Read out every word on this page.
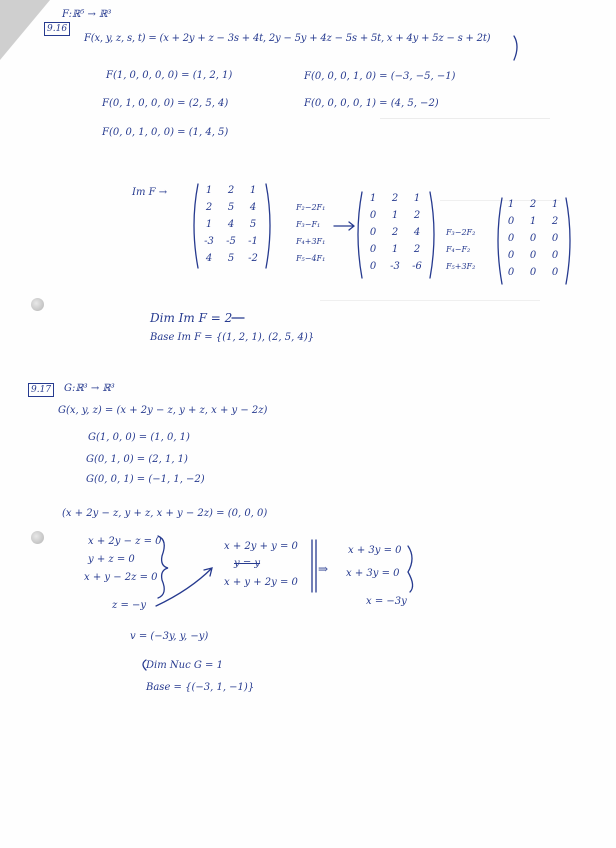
9.16
F:ℝ⁵ → ℝ³
F(x, y, z, s, t) = (x + 2y + z − 3s + 4t, 2y − 5y + 4z − 5s + 5t, x + 4y + 5z − s + 2t)
F(1, 0, 0, 0, 0) = (1, 2, 1)
F(0, 1, 0, 0, 0) = (2, 5, 4)
F(0, 0, 1, 0, 0) = (1, 4, 5)
F(0, 0, 0, 1, 0) = (−3, −5, −1)
F(0, 0, 0, 0, 1) = (4, 5, −2)
Im F →	1	2	1
2	5	4
1	4	5
-3	-5	-1
4	5	-2

F₂−2F₁
F₃−F₁
F₄+3F₁
F₅−4F₁
1	2	1
0	1	2
0	2	4
0	1	2
0	-3	-6

F₃−2F₂
F₄−F₂
F₅+3F₂
1	2	1
0	1	2
0	0	0
0	0	0
0	0	0
Dim Im F = 2
Base Im F = {(1, 2, 1), (2, 5, 4)}
9.17	G:ℝ³ → ℝ³
G(x, y, z) = (x + 2y − z, y + z, x + y − 2z)
G(1, 0, 0) = (1, 0, 1)
G(0, 1, 0) = (2, 1, 1)
G(0, 0, 1) = (−1, 1, −2)
(x + 2y − z, y + z, x + y − 2z) = (0, 0, 0)
x + 2y − z = 0
y + z = 0
x + y − 2z = 0
z = −y
x + 2y + y = 0
y = y
x + y + 2y = 0
⇒
x + 3y = 0
x + 3y = 0
x = −3y
v = (−3y, y, −y)
Dim Nuc G = 1
Base = {(−3, 1, −1)}
